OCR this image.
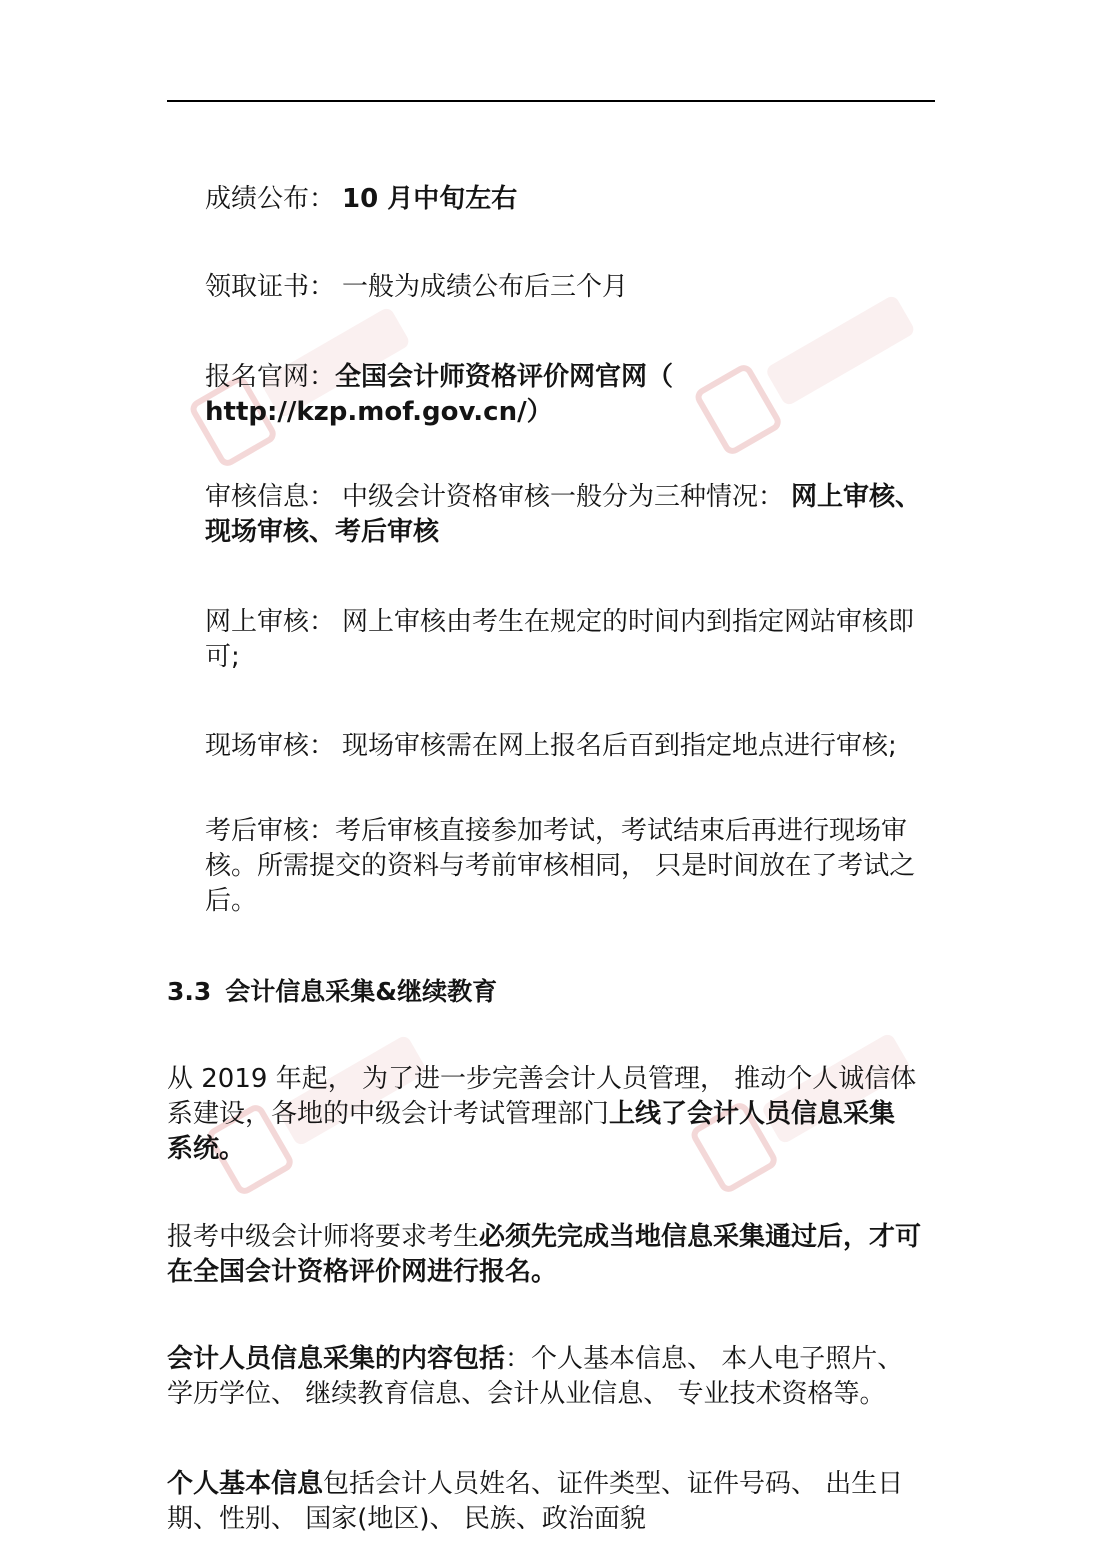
成绩公布： 10 月中旬左右
领取证书： 一般为成绩公布后三个月
报名官网： 全国会计师资格评价网官网（
http://kzp.mof.gov.cn/）
审核信息： 中级会计资格审核一般分为三种情况： 网上审核、
现场审核、考后审核
网上审核： 网上审核由考生在规定的时间内到指定网站审核即
可;
现场审核： 现场审核需在网上报名后百到指定地点进行审核;
考后审核： 考后审核直接参加考试，考试结束后再进行现场审
核。所需提交的资料与考前审核相同， 只是时间放在了考试之
后。
3.3 会计信息采集&继续教育
从 2019 年起， 为了进一步完善会计人员管理， 推动个人诚信体
系建设，各地的中级会计考试管理部门 上线了会计人员信息采集
系统。
报考中级会计师将要求考生 必须先完成当地信息采集通过后，才可
在全国会计资格评价网进行报名。
会计人员信息采集的内容包括 ：个人基本信息、 本人电子照片、
学历学位、 继续教育信息、会计从业信息、 专业技术资格等。
个人基本信息 包括会计人员姓名、证件类型、证件号码、 出生日
期、性别、 国家(地区)、 民族、政治面貌
